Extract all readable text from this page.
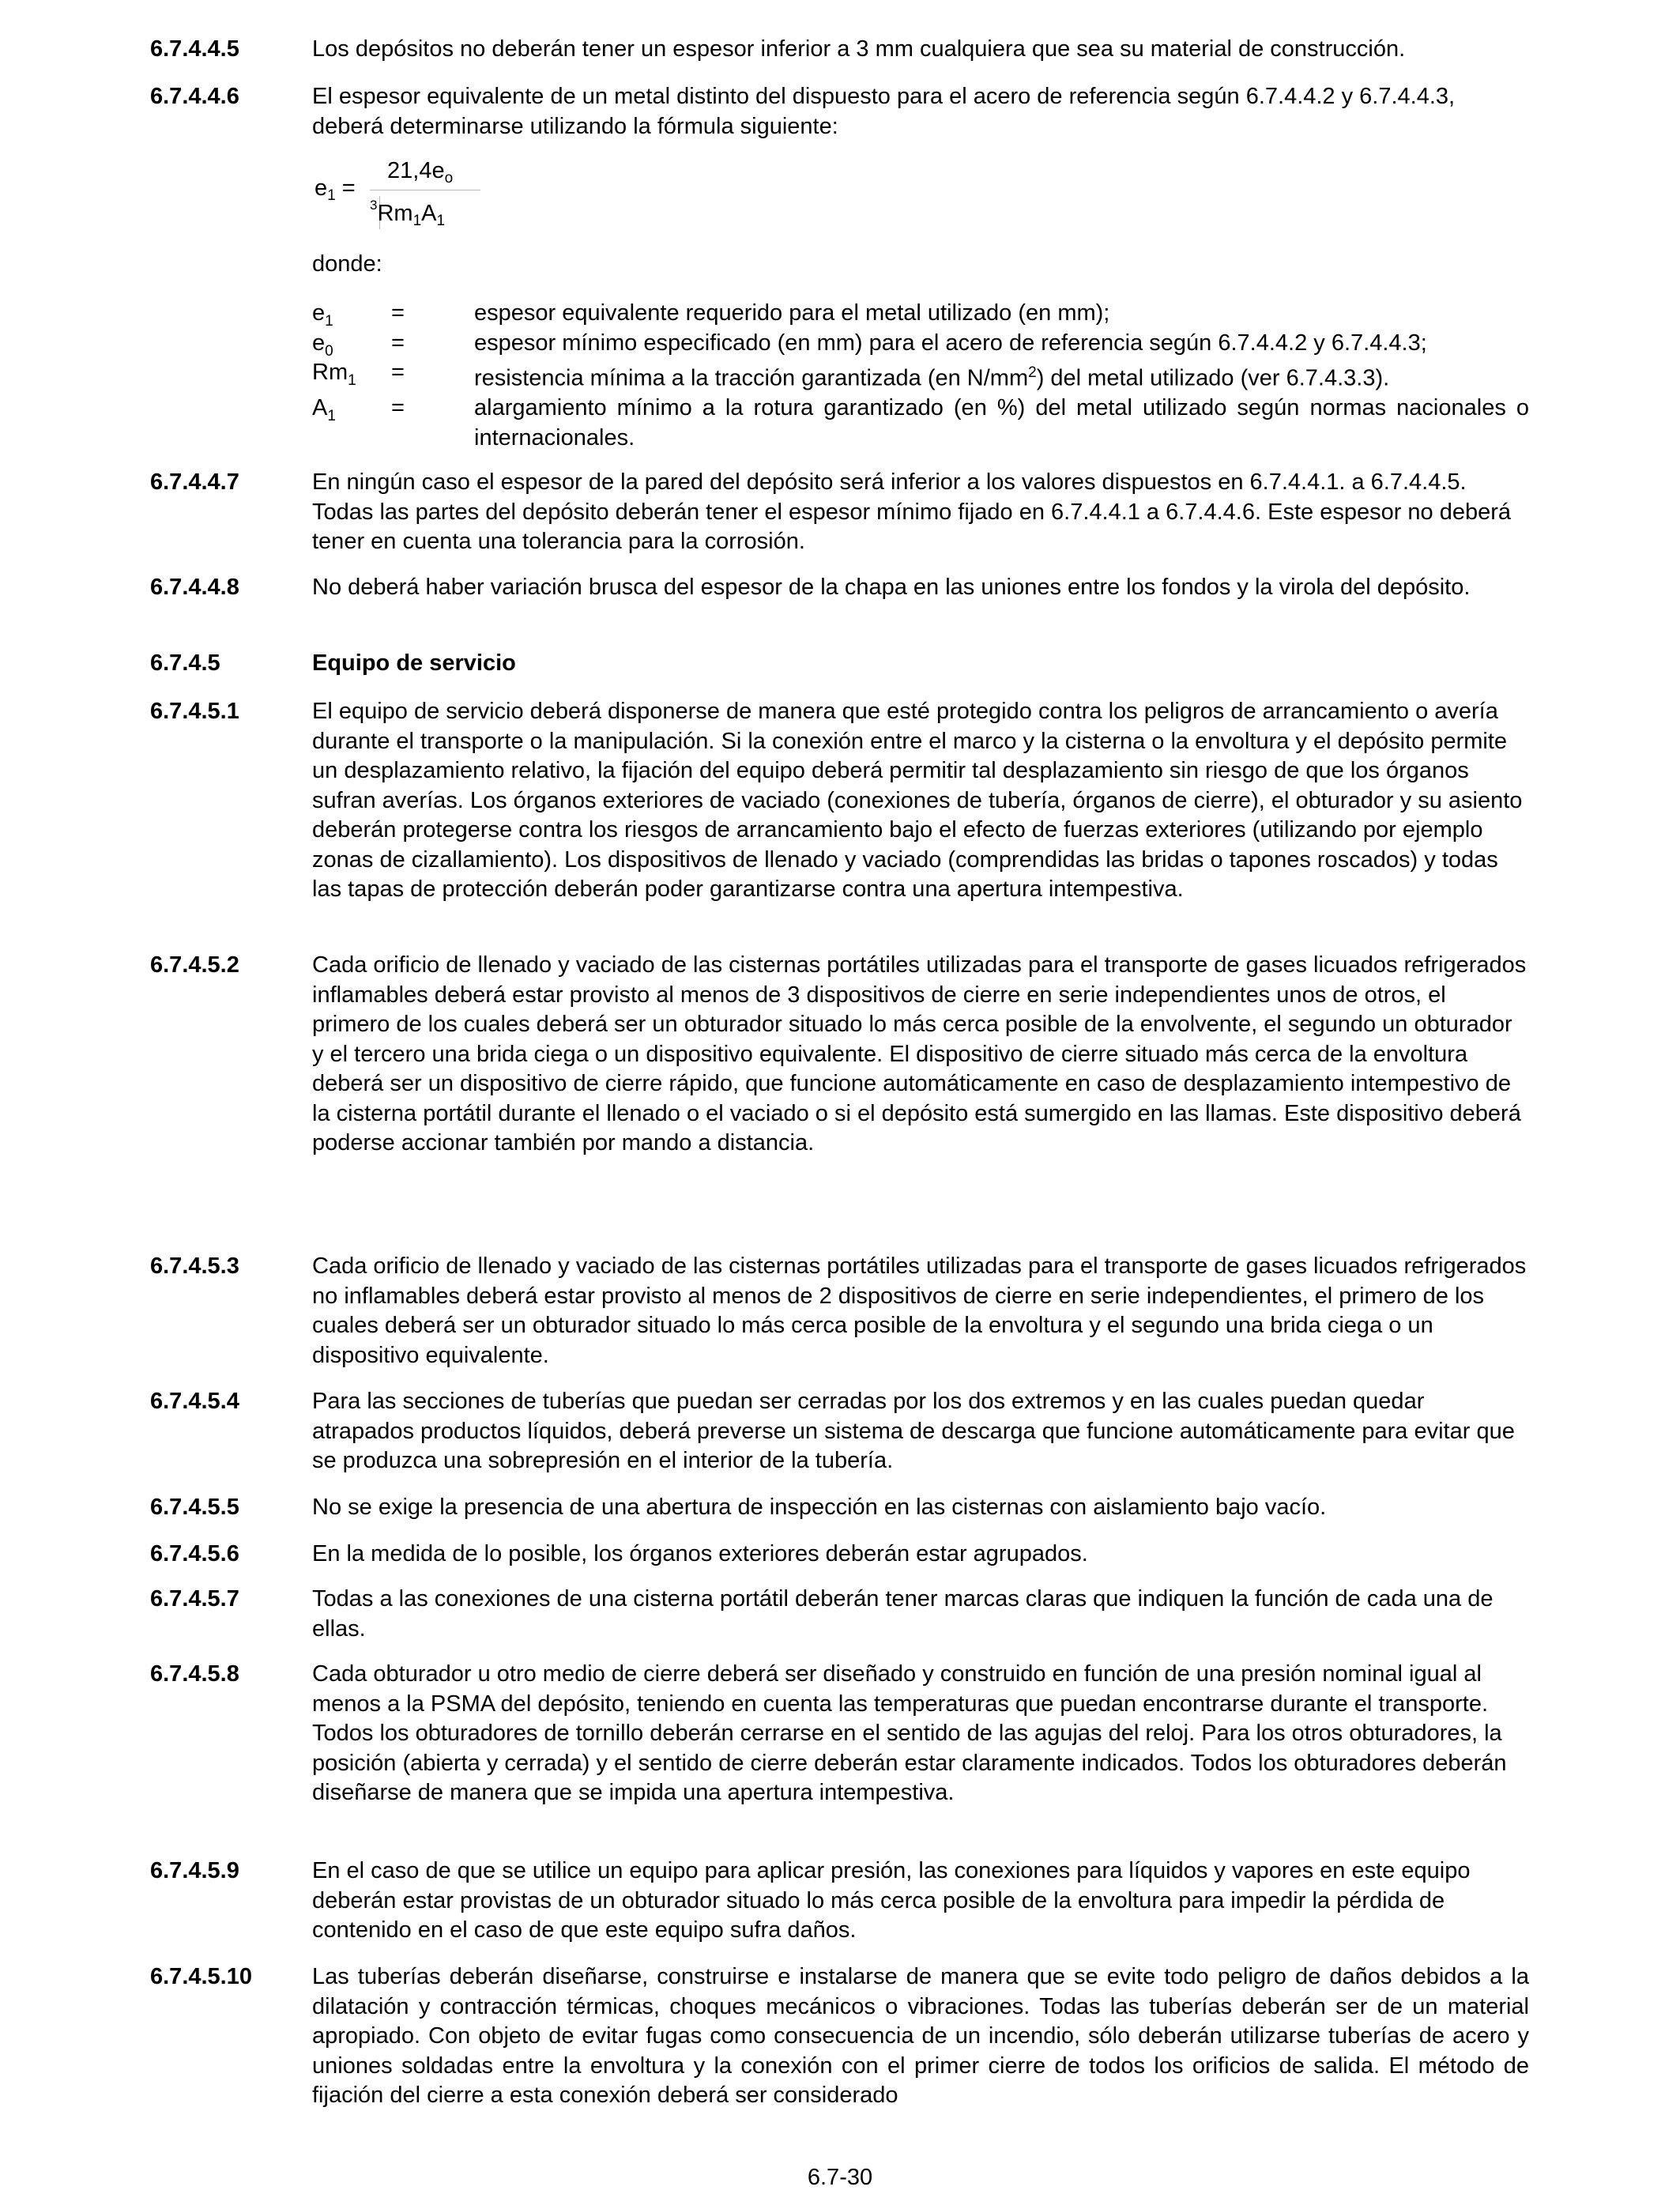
6.7.4.4.5	Los depósitos no deberán tener un espesor inferior a 3 mm cualquiera que sea su material de construcción.
6.7.4.4.6	El espesor equivalente de un metal distinto del dispuesto para el acero de referencia según 6.7.4.4.2 y 6.7.4.4.3, deberá determinarse utilizando la fórmula siguiente:
$e_1$ =
$21,4e_o$
$^3Rm_1A_1$
donde:
$e_1$	=	espesor equivalente requerido para el metal utilizado (en mm);
$e_0$	=	espesor mínimo especificado (en mm) para el acero de referencia según 6.7.4.4.2 y 6.7.4.4.3;
$Rm_1$	=	resistencia mínima a la tracción garantizada (en $N/mm^2$) del metal utilizado (ver 6.7.4.3.3).
$A_1$	=	alargamiento mínimo a la rotura garantizado (en %) del metal utilizado según normas nacionales o internacionales.
6.7.4.4.7	En ningún caso el espesor de la pared del depósito será inferior a los valores dispuestos en 6.7.4.4.1. a 6.7.4.4.5. Todas las partes del depósito deberán tener el espesor mínimo fijado en 6.7.4.4.1 a 6.7.4.4.6. Este espesor no deberá tener en cuenta una tolerancia para la corrosión.
6.7.4.4.8	No deberá haber variación brusca del espesor de la chapa en las uniones entre los fondos y la virola del depósito.
6.7.4.5	Equipo de servicio
6.7.4.5.1	El equipo de servicio deberá disponerse de manera que esté protegido contra los peligros de arrancamiento o avería durante el transporte o la manipulación. Si la conexión entre el marco y la cisterna o la envoltura y el depósito permite un desplazamiento relativo, la fijación del equipo deberá permitir tal desplazamiento sin riesgo de que los órganos sufran averías. Los órganos exteriores de vaciado (conexiones de tubería, órganos de cierre), el obturador y su asiento deberán protegerse contra los riesgos de arrancamiento bajo el efecto de fuerzas exteriores (utilizando por ejemplo zonas de cizallamiento). Los dispositivos de llenado y vaciado (comprendidas las bridas o tapones roscados) y todas las tapas de protección deberán poder garantizarse contra una apertura intempestiva.
6.7.4.5.2	Cada orificio de llenado y vaciado de las cisternas portátiles utilizadas para el transporte de gases licuados refrigerados inflamables deberá estar provisto al menos de 3 dispositivos de cierre en serie independientes unos de otros, el primero de los cuales deberá ser un obturador situado lo más cerca posible de la envolvente, el segundo un obturador y el tercero una brida ciega o un dispositivo equivalente. El dispositivo de cierre situado más cerca de la envoltura deberá ser un dispositivo de cierre rápido, que funcione automáticamente en caso de desplazamiento intempestivo de la cisterna portátil durante el llenado o el vaciado o si el depósito está sumergido en las llamas. Este dispositivo deberá poderse accionar también por mando a distancia.
6.7.4.5.3	Cada orificio de llenado y vaciado de las cisternas portátiles utilizadas para el transporte de gases licuados refrigerados no inflamables deberá estar provisto al menos de 2 dispositivos de cierre en serie independientes, el primero de los cuales deberá ser un obturador situado lo más cerca posible de la envoltura y el segundo una brida ciega o un dispositivo equivalente.
6.7.4.5.4	Para las secciones de tuberías que puedan ser cerradas por los dos extremos y en las cuales puedan quedar atrapados productos líquidos, deberá preverse un sistema de descarga que funcione automáticamente para evitar que se produzca una sobrepresión en el interior de la tubería.
6.7.4.5.5	No se exige la presencia de una abertura de inspección en las cisternas con aislamiento bajo vacío.
6.7.4.5.6	En la medida de lo posible, los órganos exteriores deberán estar agrupados.
6.7.4.5.7	Todas a las conexiones de una cisterna portátil deberán tener marcas claras que indiquen la función de cada una de ellas.
6.7.4.5.8	Cada obturador u otro medio de cierre deberá ser diseñado y construido en función de una presión nominal igual al menos a la PSMA del depósito, teniendo en cuenta las temperaturas que puedan encontrarse durante el transporte. Todos los obturadores de tornillo deberán cerrarse en el sentido de las agujas del reloj. Para los otros obturadores, la posición (abierta y cerrada) y el sentido de cierre deberán estar claramente indicados. Todos los obturadores deberán diseñarse de manera que se impida una apertura intempestiva.
6.7.4.5.9	En el caso de que se utilice un equipo para aplicar presión, las conexiones para líquidos y vapores en este equipo deberán estar provistas de un obturador situado lo más cerca posible de la envoltura para impedir la pérdida de contenido en el caso de que este equipo sufra daños.
6.7.4.5.10	Las tuberías deberán diseñarse, construirse e instalarse de manera que se evite todo peligro de daños debidos a la dilatación y contracción térmicas, choques mecánicos o vibraciones. Todas las tuberías deberán ser de un material apropiado. Con objeto de evitar fugas como consecuencia de un incendio, sólo deberán utilizarse tuberías de acero y uniones soldadas entre la envoltura y la conexión con el primer cierre de todos los orificios de salida. El método de fijación del cierre a esta conexión deberá ser considerado
6.7-30
